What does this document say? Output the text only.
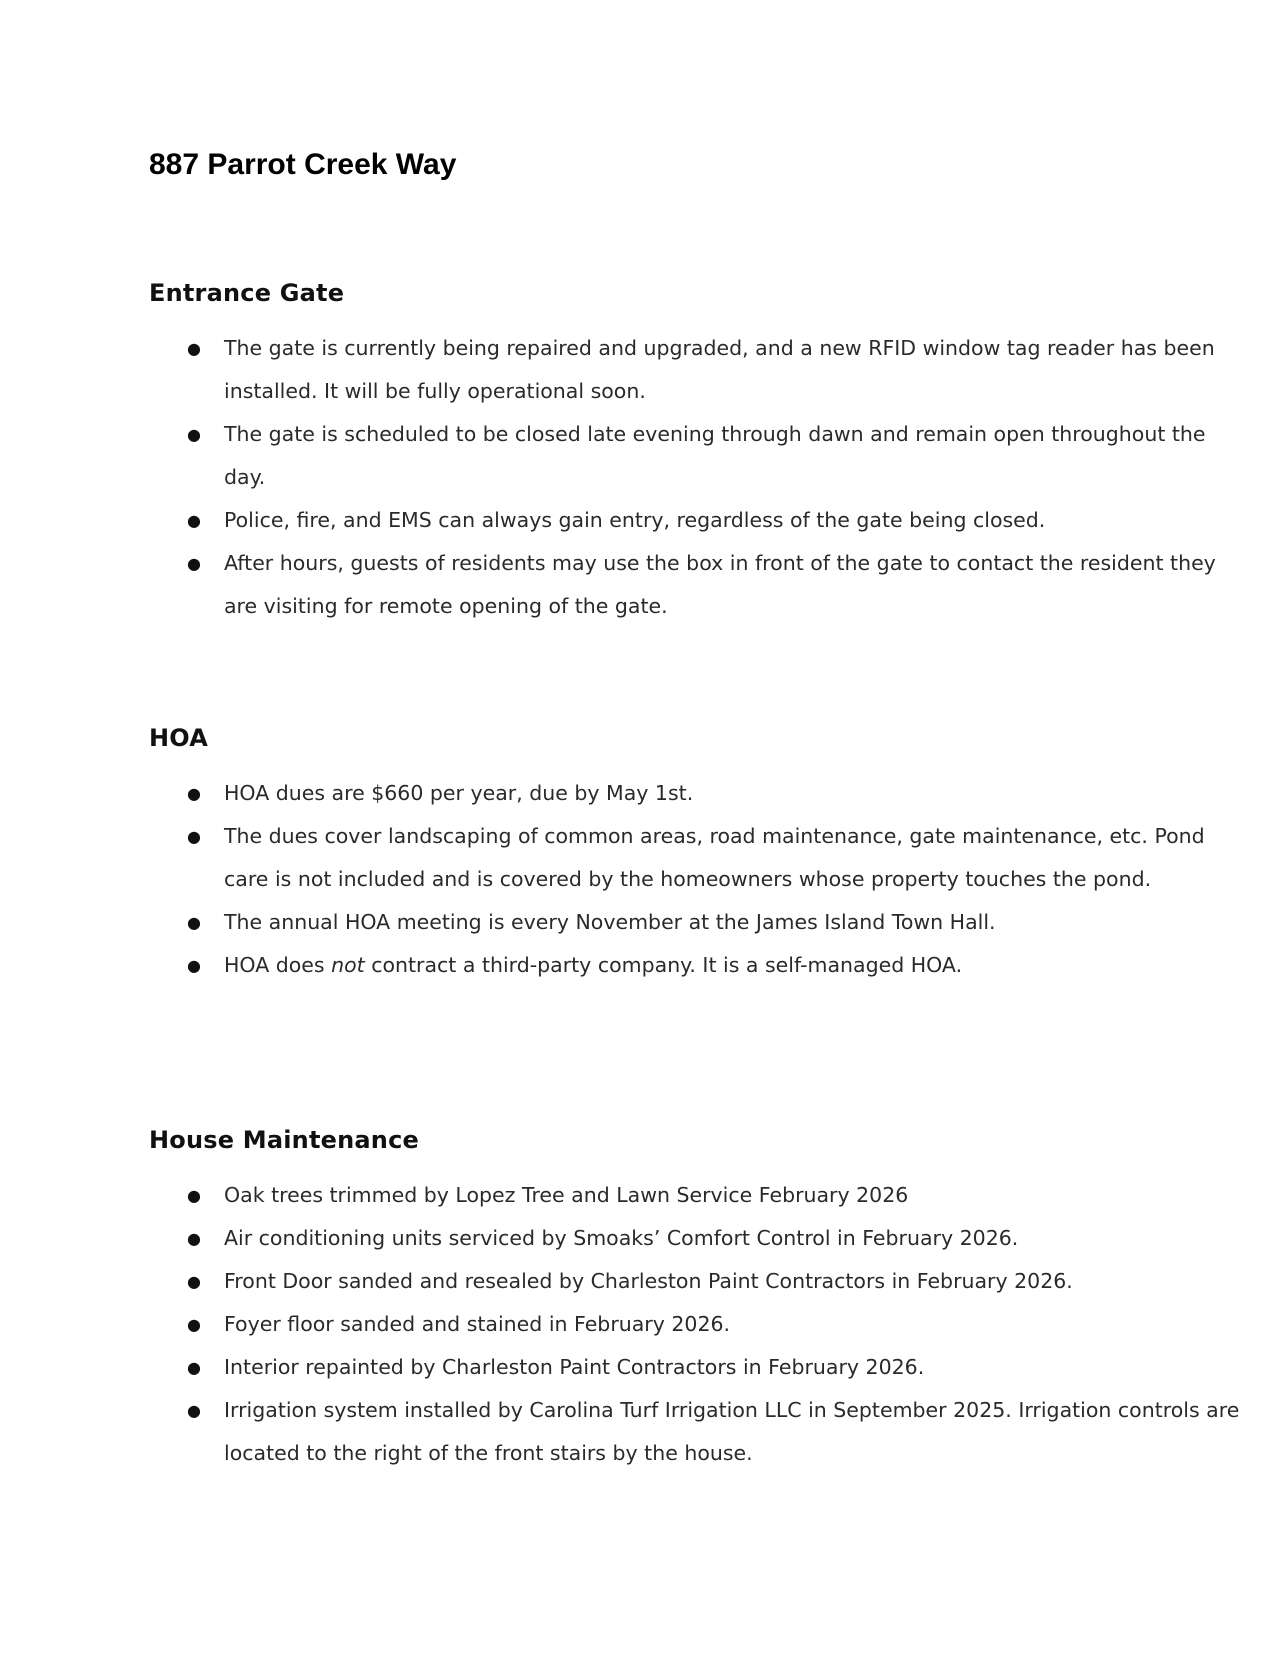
887 Parrot Creek Way
Entrance Gate
● The gate is currently being repaired and upgraded, and a new RFID window tag reader has been installed. It will be fully operational soon.
● The gate is scheduled to be closed late evening through dawn and remain open throughout the day.
● Police, fire, and EMS can always gain entry, regardless of the gate being closed.
● After hours, guests of residents may use the box in front of the gate to contact the resident they are visiting for remote opening of the gate.
HOA
● HOA dues are $660 per year, due by May 1st.
● The dues cover landscaping of common areas, road maintenance, gate maintenance, etc. Pond care is not included and is covered by the homeowners whose property touches the pond.
● The annual HOA meeting is every November at the James Island Town Hall.
● HOA does not contract a third-party company. It is a self-managed HOA.
House Maintenance
● Oak trees trimmed by Lopez Tree and Lawn Service February 2026
● Air conditioning units serviced by Smoaks’ Comfort Control in February 2026.
● Front Door sanded and resealed by Charleston Paint Contractors in February 2026.
● Foyer floor sanded and stained in February 2026.
● Interior repainted by Charleston Paint Contractors in February 2026.
● Irrigation system installed by Carolina Turf Irrigation LLC in September 2025. Irrigation controls are located to the right of the front stairs by the house.
